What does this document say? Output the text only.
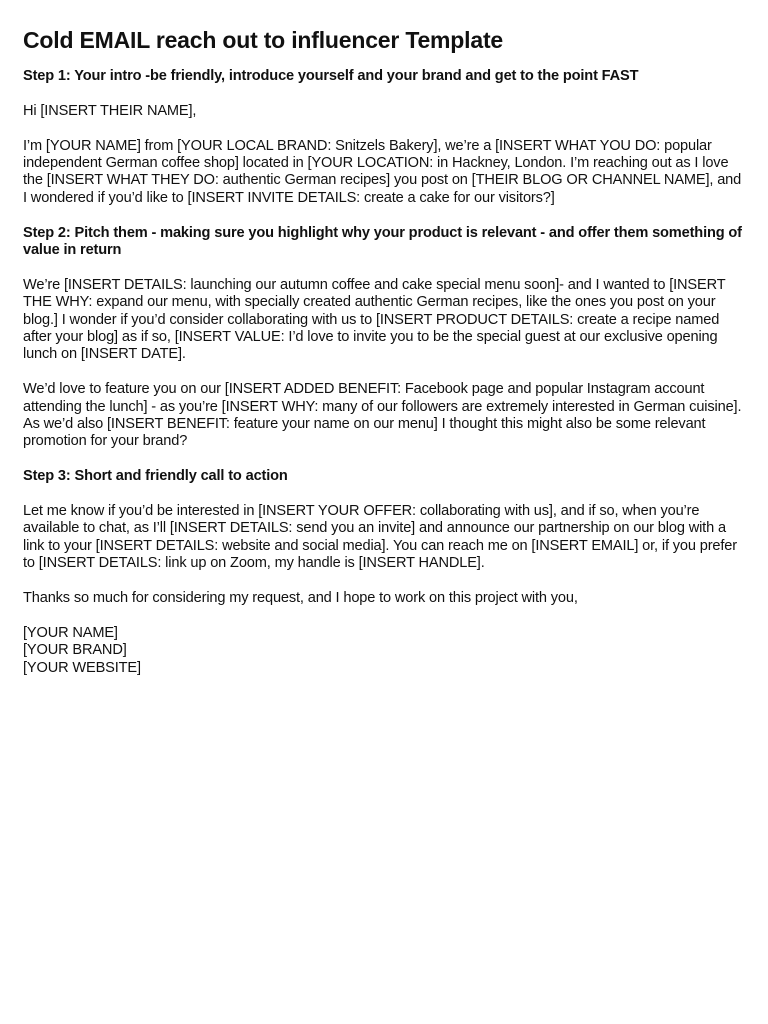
Cold EMAIL reach out to influencer Template

Step 1: Your intro -be friendly, introduce yourself and your brand and get to the point FAST

Hi [INSERT THEIR NAME],

I’m [YOUR NAME] from [YOUR LOCAL BRAND: Snitzels Bakery], we’re a [INSERT WHAT YOU DO: popular independent German coffee shop] located in [YOUR LOCATION: in Hackney, London. I’m reaching out as I love the [INSERT WHAT THEY DO: authentic German recipes] you post on [THEIR BLOG OR CHANNEL NAME], and I wondered if you’d like to [INSERT INVITE DETAILS: create a cake for our visitors?]

Step 2: Pitch them - making sure you highlight why your product is relevant - and offer them something of value in return

We’re [INSERT DETAILS: launching our autumn coffee and cake special menu soon]- and I wanted to [INSERT THE WHY: expand our menu, with specially created authentic German recipes, like the ones you post on your blog.] I wonder if you’d consider collaborating with us to [INSERT PRODUCT DETAILS: create a recipe named after your blog] as if so, [INSERT VALUE: I’d love to invite you to be the special guest at our exclusive opening lunch on [INSERT DATE].

We’d love to feature you on our [INSERT ADDED BENEFIT: Facebook page and popular Instagram account attending the lunch] - as you’re [INSERT WHY: many of our followers are extremely interested in German cuisine]. As we’d also [INSERT BENEFIT: feature your name on our menu] I thought this might also be some relevant promotion for your brand?

Step 3: Short and friendly call to action

Let me know if you’d be interested in [INSERT YOUR OFFER: collaborating with us], and if so, when you’re available to chat, as I’ll [INSERT DETAILS: send you an invite] and announce our partnership on our blog with a link to your [INSERT DETAILS: website and social media]. You can reach me on [INSERT EMAIL] or, if you prefer to [INSERT DETAILS: link up on Zoom, my handle is [INSERT HANDLE].

Thanks so much for considering my request, and I hope to work on this project with you,

[YOUR NAME]
[YOUR BRAND]
[YOUR WEBSITE]
